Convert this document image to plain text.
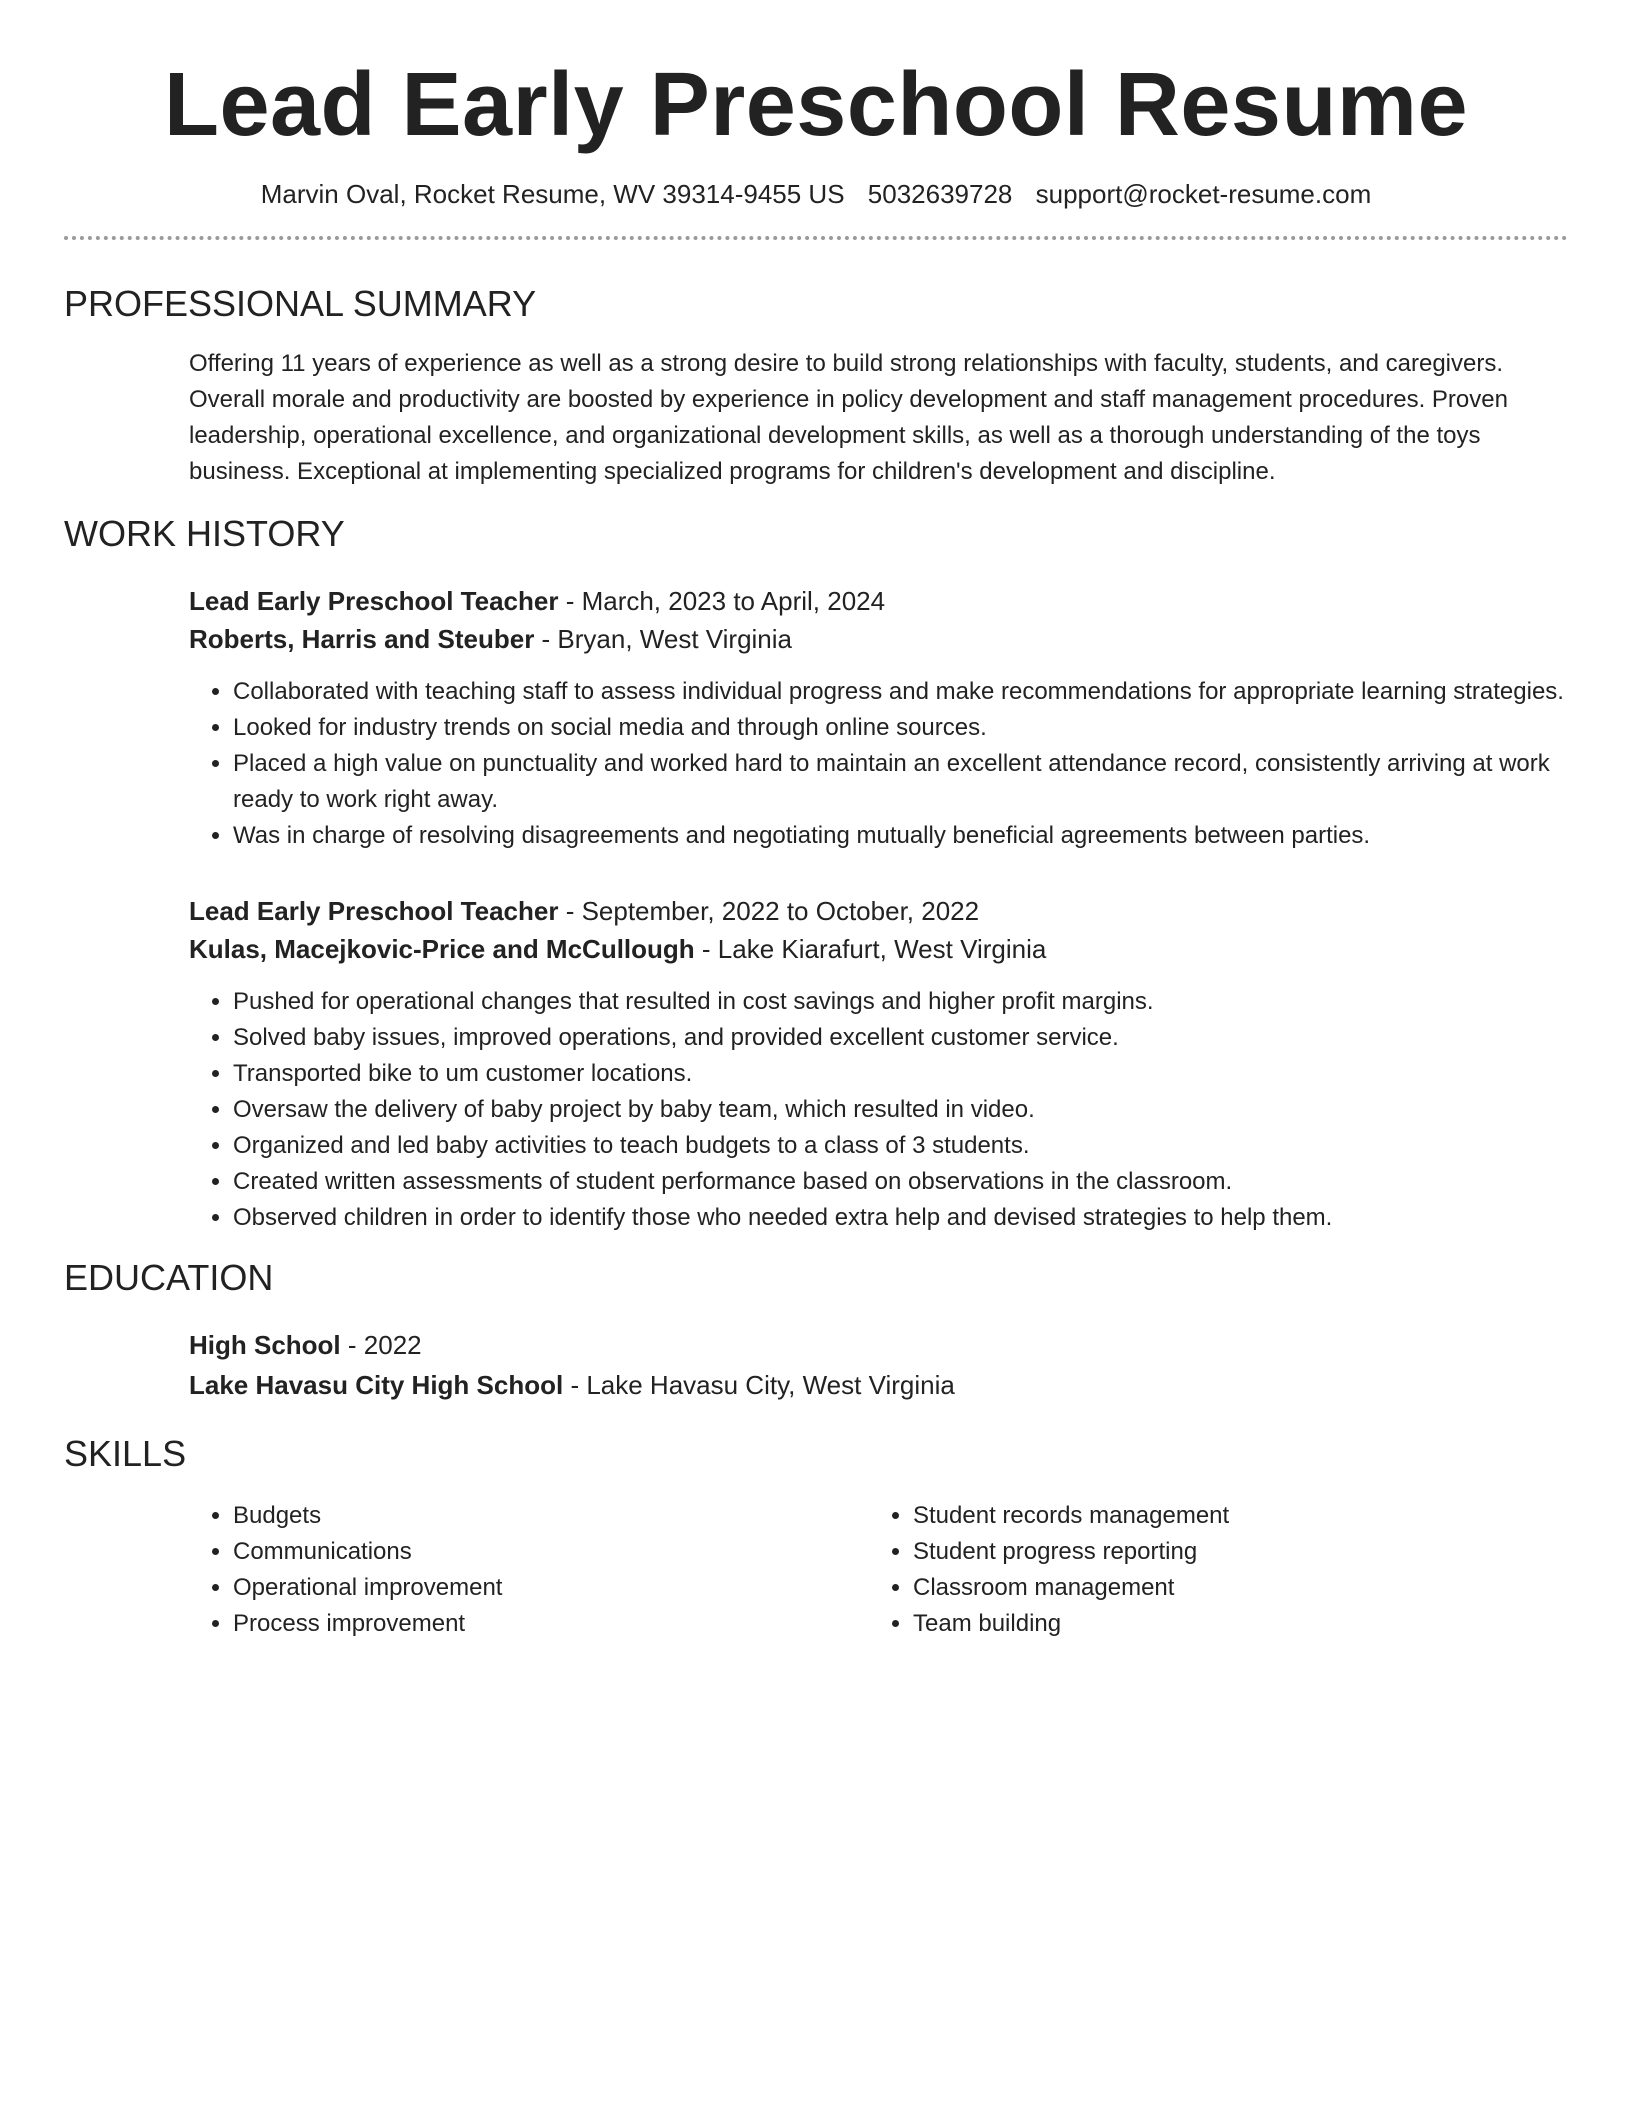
Lead Early Preschool Resume
Marvin Oval, Rocket Resume, WV 39314-9455 US 5032639728 support@rocket-resume.com
PROFESSIONAL SUMMARY
Offering 11 years of experience as well as a strong desire to build strong relationships with faculty, students, and caregivers. Overall morale and productivity are boosted by experience in policy development and staff management procedures. Proven leadership, operational excellence, and organizational development skills, as well as a thorough understanding of the toys business. Exceptional at implementing specialized programs for children's development and discipline.
WORK HISTORY
Lead Early Preschool Teacher - March, 2023 to April, 2024
Roberts, Harris and Steuber - Bryan, West Virginia
• Collaborated with teaching staff to assess individual progress and make recommendations for appropriate learning strategies.
• Looked for industry trends on social media and through online sources.
• Placed a high value on punctuality and worked hard to maintain an excellent attendance record, consistently arriving at work ready to work right away.
• Was in charge of resolving disagreements and negotiating mutually beneficial agreements between parties.
Lead Early Preschool Teacher - September, 2022 to October, 2022
Kulas, Macejkovic-Price and McCullough - Lake Kiarafurt, West Virginia
• Pushed for operational changes that resulted in cost savings and higher profit margins.
• Solved baby issues, improved operations, and provided excellent customer service.
• Transported bike to um customer locations.
• Oversaw the delivery of baby project by baby team, which resulted in video.
• Organized and led baby activities to teach budgets to a class of 3 students.
• Created written assessments of student performance based on observations in the classroom.
• Observed children in order to identify those who needed extra help and devised strategies to help them.
EDUCATION
High School - 2022
Lake Havasu City High School - Lake Havasu City, West Virginia
SKILLS
• Budgets
• Communications
• Operational improvement
• Process improvement
• Student records management
• Student progress reporting
• Classroom management
• Team building
